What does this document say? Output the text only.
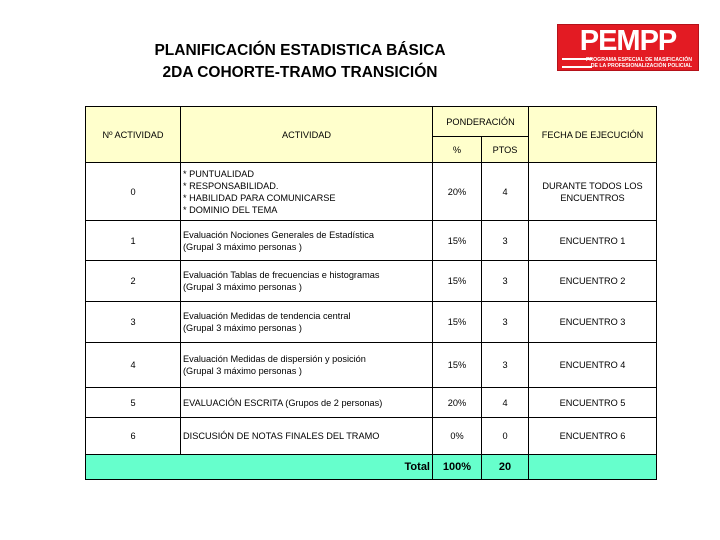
PLANIFICACIÓN ESTADISTICA BÁSICA
2DA COHORTE-TRAMO TRANSICIÓN
PEMPP
PROGRAMA ESPECIAL DE MASIFICACIÓN
DE LA PROFESIONALIZACIÓN POLICIAL
Nº ACTIVIDAD	ACTIVIDAD	PONDERACIÓN		FECHA DE EJECUCIÓN
		%	PTOS	
0	* PUNTUALIDAD
* RESPONSABILIDAD.
* HABILIDAD PARA COMUNICARSE
* DOMINIO DEL TEMA	20%	4	DURANTE TODOS LOS
ENCUENTROS

1	Evaluación Nociones Generales de Estadística
(Grupal 3 máximo personas )	15%	3	ENCUENTRO 1
2	Evaluación Tablas de frecuencias e histogramas
(Grupal 3 máximo personas )	15%	3	ENCUENTRO 2
3	Evaluación Medidas de tendencia central
(Grupal 3 máximo personas )	15%	3	ENCUENTRO 3
4	Evaluación Medidas de dispersión y posición
(Grupal 3 máximo personas )	15%	3	ENCUENTRO 4
5	EVALUACIÓN ESCRITA (Grupos de 2 personas)	20%	4	ENCUENTRO 5
6	DISCUSIÓN DE NOTAS FINALES DEL TRAMO	0%	0	ENCUENTRO 6
Total		100%	20	
